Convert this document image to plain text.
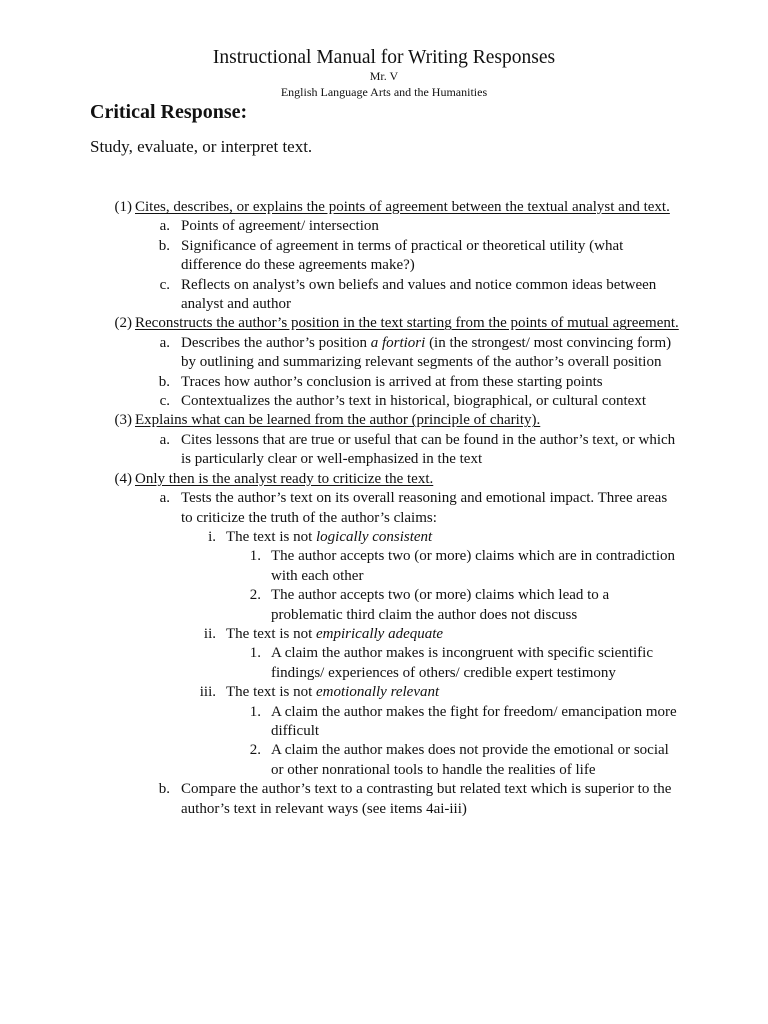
Instructional Manual for Writing Responses
Mr. V
English Language Arts and the Humanities
Critical Response:
Study, evaluate, or interpret text.
(1) Cites, describes, or explains the points of agreement between the textual analyst and text.
a. Points of agreement/ intersection
b. Significance of agreement in terms of practical or theoretical utility (what difference do these agreements make?)
c. Reflects on analyst’s own beliefs and values and notice common ideas between analyst and author
(2) Reconstructs the author’s position in the text starting from the points of mutual agreement.
a. Describes the author’s position a fortiori (in the strongest/ most convincing form) by outlining and summarizing relevant segments of the author’s overall position
b. Traces how author’s conclusion is arrived at from these starting points
c. Contextualizes the author’s text in historical, biographical, or cultural context
(3) Explains what can be learned from the author (principle of charity).
a. Cites lessons that are true or useful that can be found in the author’s text, or which is particularly clear or well-emphasized in the text
(4) Only then is the analyst ready to criticize the text.
a. Tests the author’s text on its overall reasoning and emotional impact. Three areas to criticize the truth of the author’s claims:
i. The text is not logically consistent
1. The author accepts two (or more) claims which are in contradiction with each other
2. The author accepts two (or more) claims which lead to a problematic third claim the author does not discuss
ii. The text is not empirically adequate
1. A claim the author makes is incongruent with specific scientific findings/ experiences of others/ credible expert testimony
iii. The text is not emotionally relevant
1. A claim the author makes the fight for freedom/ emancipation more difficult
2. A claim the author makes does not provide the emotional or social or other nonrational tools to handle the realities of life
b. Compare the author’s text to a contrasting but related text which is superior to the author’s text in relevant ways (see items 4ai-iii)
